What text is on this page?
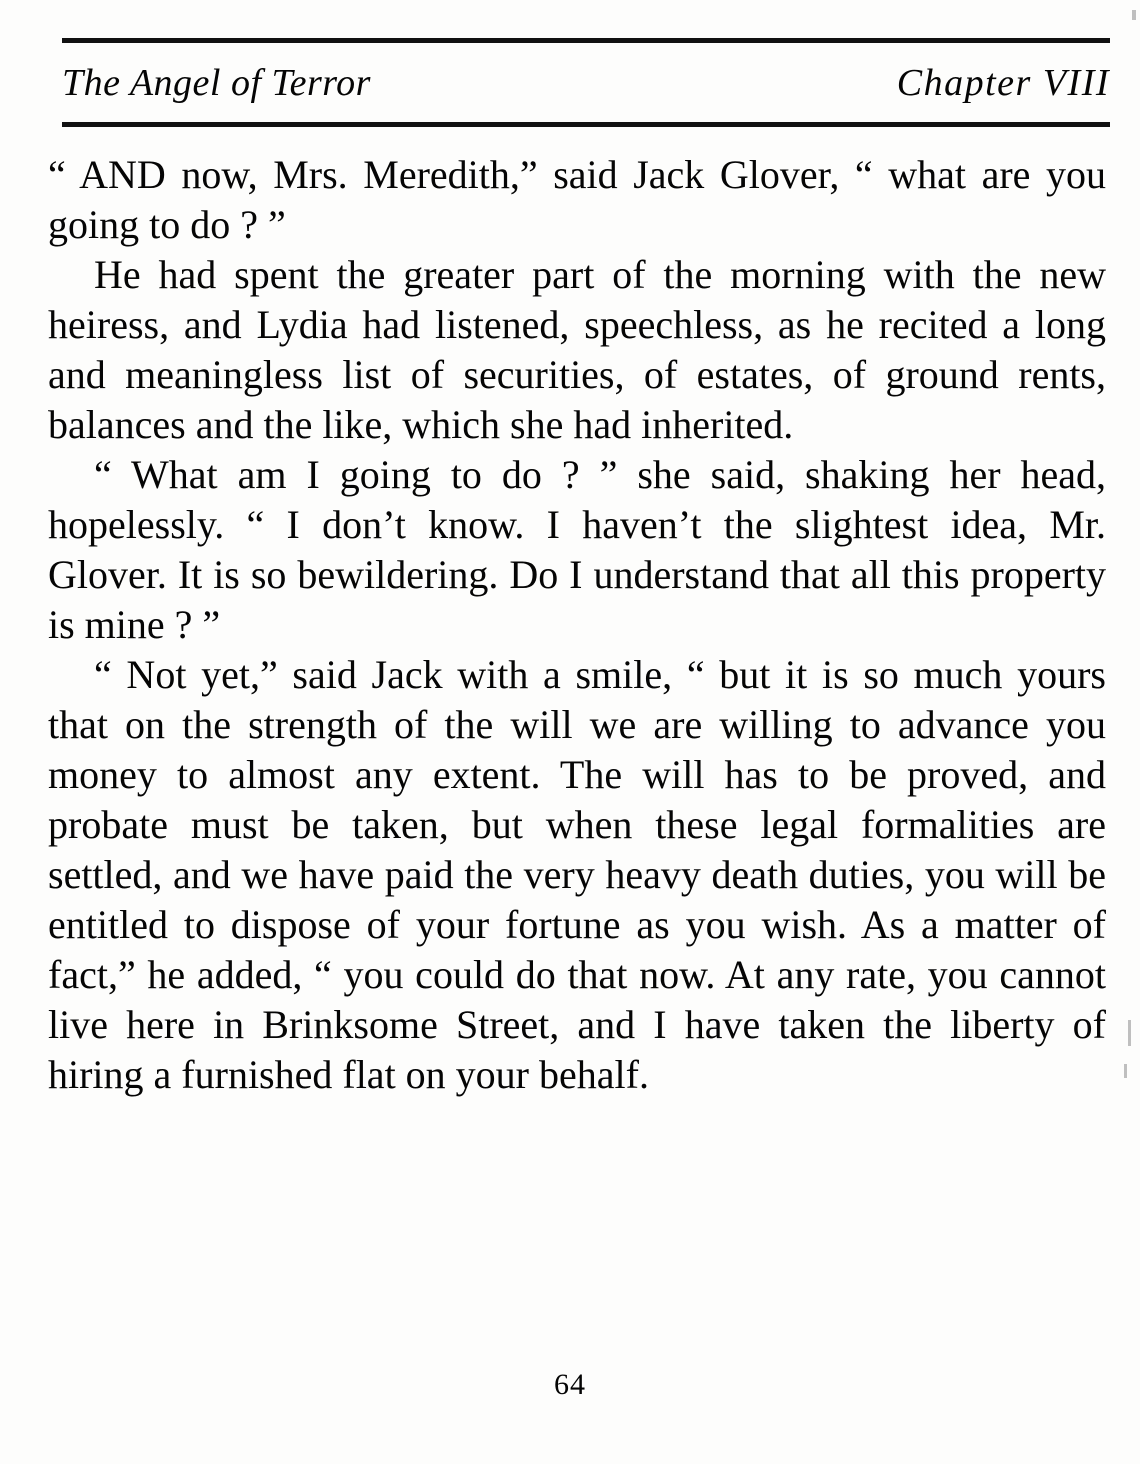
The Angel of Terror	Chapter VIII

“ AND now, Mrs. Meredith,” said Jack Glover, “ what are you going to do ? ”

He had spent the greater part of the morning with the new heiress, and Lydia had listened, speechless, as he recited a long and meaningless list of securities, of estates, of ground rents, balances and the like, which she had inherited.

“ What am I going to do ? ” she said, shaking her head, hopelessly. “ I don’t know. I haven’t the slightest idea, Mr. Glover. It is so bewildering. Do I understand that all this property is mine ? ”

“ Not yet,” said Jack with a smile, “ but it is so much yours that on the strength of the will we are willing to advance you money to almost any extent. The will has to be proved, and probate must be taken, but when these legal formalities are settled, and we have paid the very heavy death duties, you will be entitled to dispose of your fortune as you wish. As a matter of fact,” he added, “ you could do that now. At any rate, you cannot live here in Brinksome Street, and I have taken the liberty of hiring a furnished flat on your behalf.

64
